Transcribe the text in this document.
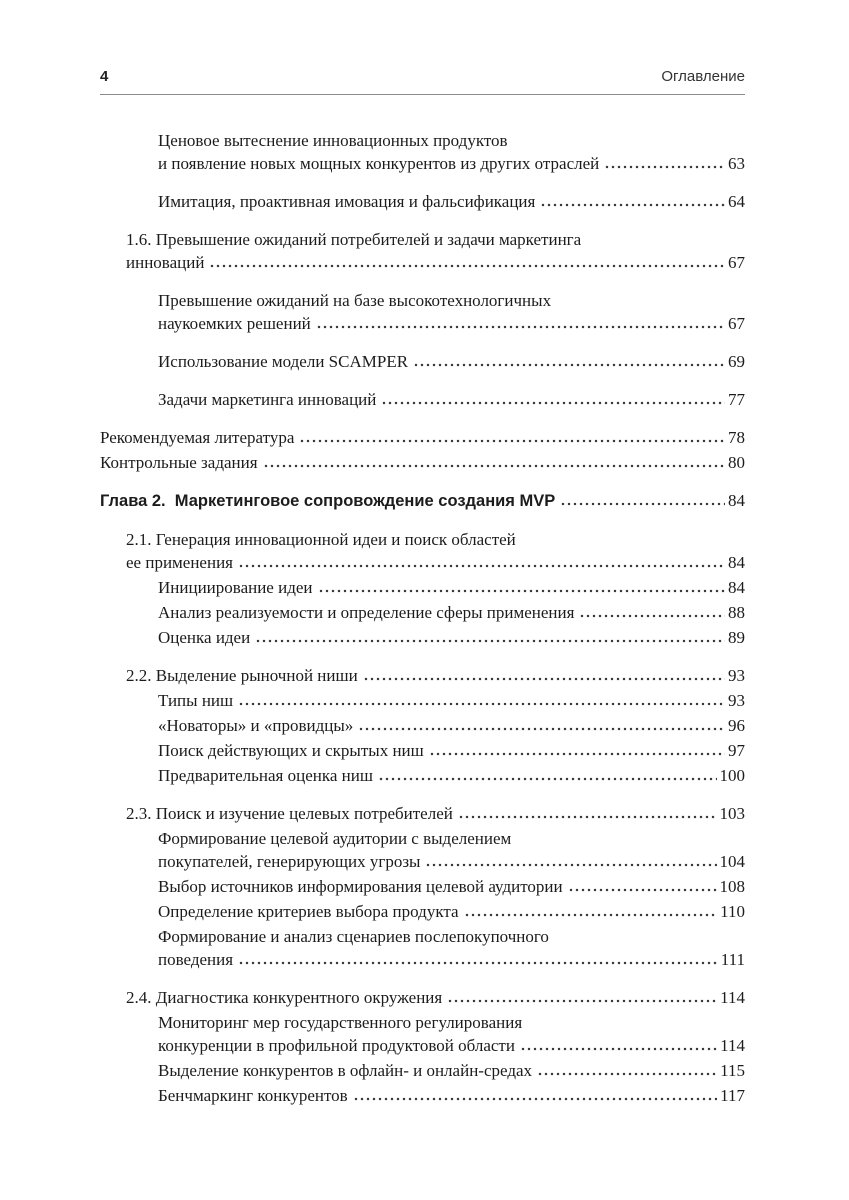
4	Оглавление
Ценовое вытеснение инновационных продуктов
и появление новых мощных конкурентов из других отраслей	63
Имитация, проактивная имовация и фальсификация	64
1.6. Превышение ожиданий потребителей и задачи маркетинга
инноваций	67
Превышение ожиданий на базе высокотехнологичных
наукоемких решений	67
Использование модели SCAMPER	69
Задачи маркетинга инноваций	77
Рекомендуемая литература	78
Контрольные задания	80
Глава 2.  Маркетинговое сопровождение создания MVP	84
2.1. Генерация инновационной идеи и поиск областей
ее применения	84
Инициирование идеи	84
Анализ реализуемости и определение сферы применения	88
Оценка идеи	89
2.2. Выделение рыночной ниши	93
Типы ниш	93
«Новаторы» и «провидцы»	96
Поиск действующих и скрытых ниш	97
Предварительная оценка ниш	100
2.3. Поиск и изучение целевых потребителей	103
Формирование целевой аудитории с выделением
покупателей, генерирующих угрозы	104
Выбор источников информирования целевой аудитории	108
Определение критериев выбора продукта	110
Формирование и анализ сценариев послепокупочного
поведения	111
2.4. Диагностика конкурентного окружения	114
Мониторинг мер государственного регулирования
конкуренции в профильной продуктовой области	114
Выделение конкурентов в офлайн- и онлайн-средах	115
Бенчмаркинг конкурентов	117
